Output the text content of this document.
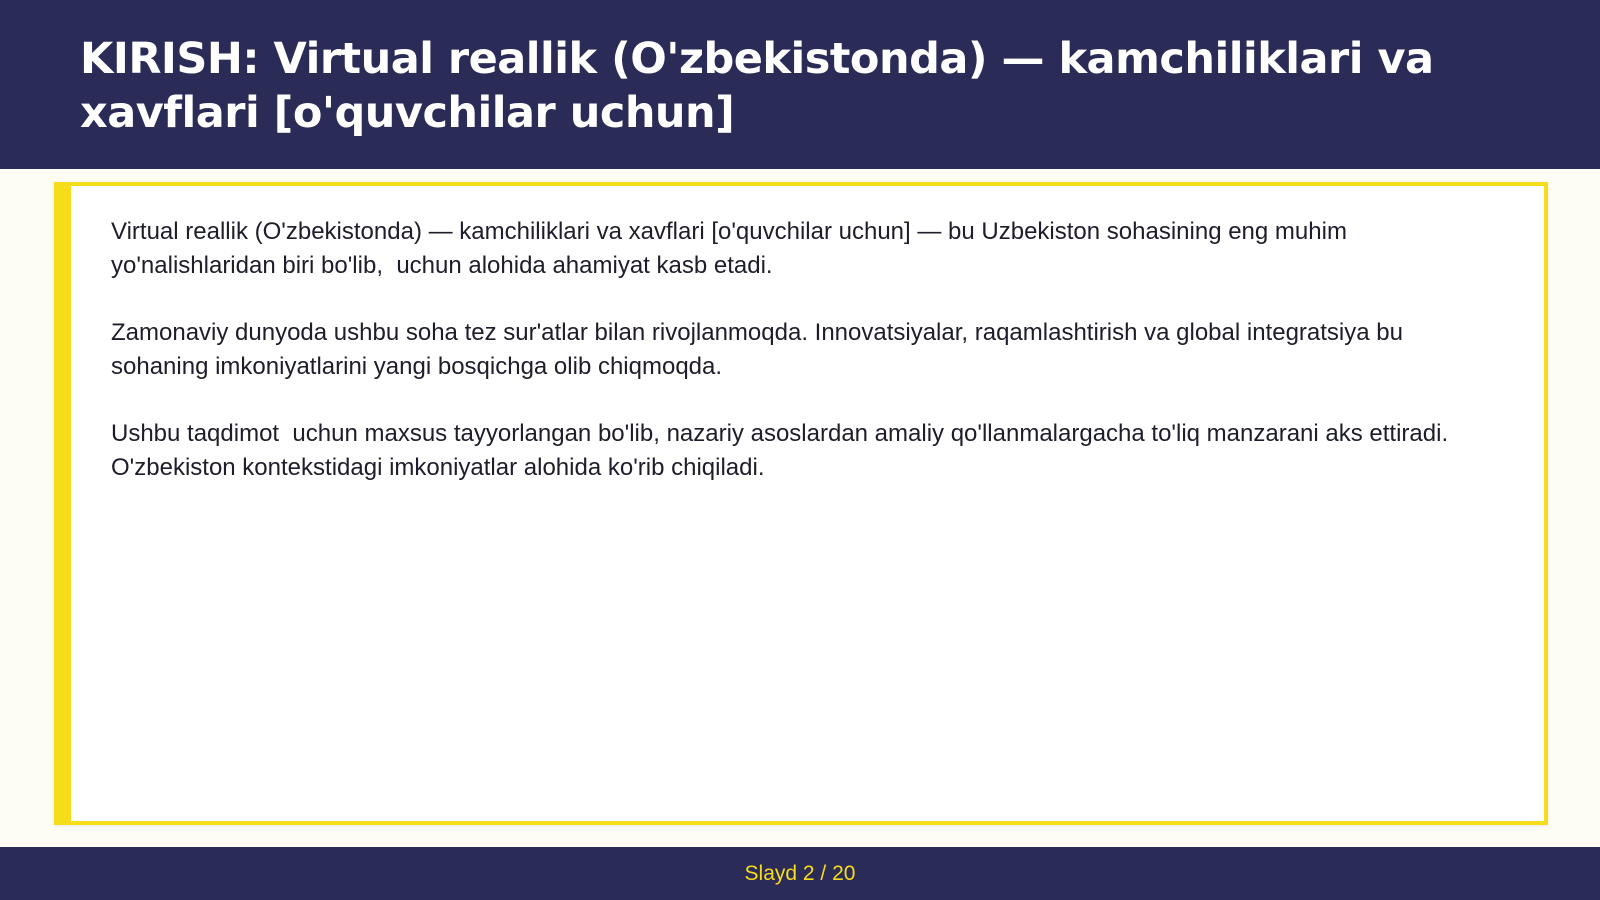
KIRISH: Virtual reallik (O'zbekistonda) — kamchiliklari va xavflari [o'quvchilar uchun]

Virtual reallik (O'zbekistonda) — kamchiliklari va xavflari [o'quvchilar uchun] — bu Uzbekiston sohasining eng muhim yo'nalishlaridan biri bo'lib,  uchun alohida ahamiyat kasb etadi.

Zamonaviy dunyoda ushbu soha tez sur'atlar bilan rivojlanmoqda. Innovatsiyalar, raqamlashtirish va global integratsiya bu sohaning imkoniyatlarini yangi bosqichga olib chiqmoqda.

Ushbu taqdimot  uchun maxsus tayyorlangan bo'lib, nazariy asoslardan amaliy qo'llanmalargacha to'liq manzarani aks ettiradi. O'zbekiston kontekstidagi imkoniyatlar alohida ko'rib chiqiladi.

Slayd 2 / 20
